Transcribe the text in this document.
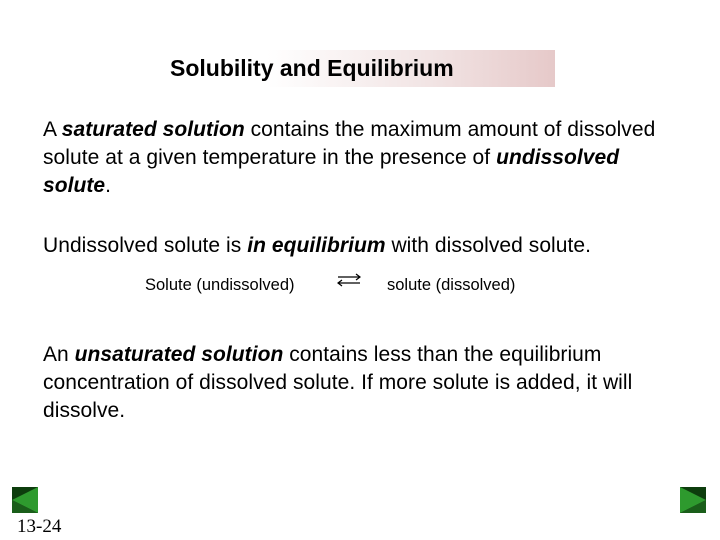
Solubility and Equilibrium
A saturated solution contains the maximum amount of dissolved solute at a given temperature in the presence of undissolved solute.
Undissolved solute is in equilibrium with dissolved solute.
Solute (undissolved) ⇌ solute (dissolved)
An unsaturated solution contains less than the equilibrium concentration of dissolved solute. If more solute is added, it will dissolve.
13-24
